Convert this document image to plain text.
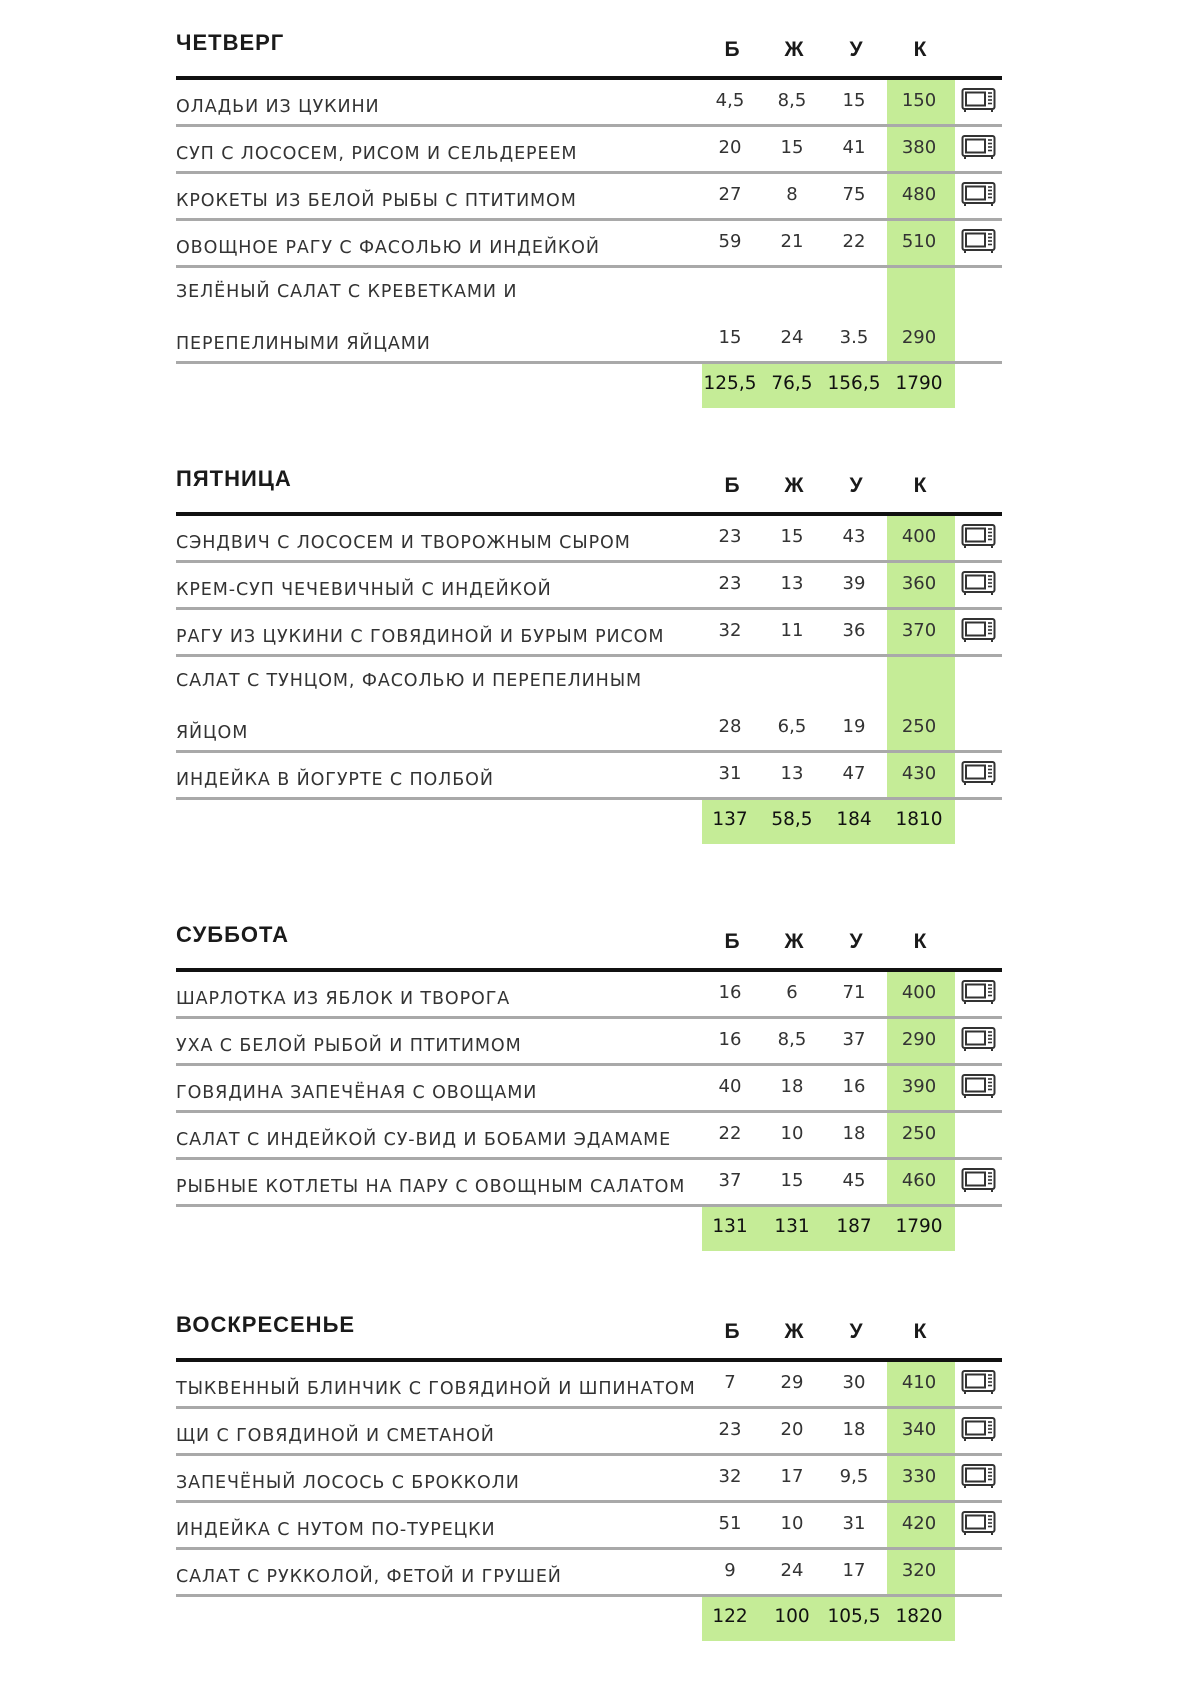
ЧЕТВЕРГ	Б	Ж	У	К
ОЛАДЬИ ИЗ ЦУКИНИ	4,5	8,5	15	150
СУП С ЛОСОСЕМ, РИСОМ И СЕЛЬДЕРЕЕМ	20	15	41	380
КРОКЕТЫ ИЗ БЕЛОЙ РЫБЫ С ПТИТИМОМ	27	8	75	480
ОВОЩНОЕ РАГУ С ФАСОЛЬЮ И ИНДЕЙКОЙ	59	21	22	510
ЗЕЛЁНЫЙ САЛАТ С КРЕВЕТКАМИ И
ПЕРЕПЕЛИНЫМИ ЯЙЦАМИ	15	24	3.5	290
125,5 76,5 156,5 1790
ПЯТНИЦА	Б	Ж	У	К
СЭНДВИЧ С ЛОСОСЕМ И ТВОРОЖНЫМ СЫРОМ	23	15	43	400
КРЕМ-СУП ЧЕЧЕВИЧНЫЙ С ИНДЕЙКОЙ	23	13	39	360
РАГУ ИЗ ЦУКИНИ С ГОВЯДИНОЙ И БУРЫМ РИСОМ	32	11	36	370
САЛАТ С ТУНЦОМ, ФАСОЛЬЮ И ПЕРЕПЕЛИНЫМ
ЯЙЦОМ	28	6,5	19	250
ИНДЕЙКА В ЙОГУРТЕ С ПОЛБОЙ	31	13	47	430
137	58,5	184	1810
СУББОТА	Б	Ж	У	К
ШАРЛОТКА ИЗ ЯБЛОК И ТВОРОГА	16	6	71	400
УХА С БЕЛОЙ РЫБОЙ И ПТИТИМОМ	16	8,5	37	290
ГОВЯДИНА ЗАПЕЧЁНАЯ С ОВОЩАМИ	40	18	16	390
САЛАТ С ИНДЕЙКОЙ СУ-ВИД И БОБАМИ ЭДАМАМЕ	22	10	18	250
РЫБНЫЕ КОТЛЕТЫ НА ПАРУ С ОВОЩНЫМ САЛАТОМ	37	15	45	460
131	131	187	1790
ВОСКРЕСЕНЬЕ	Б	Ж	У	К
ТЫКВЕННЫЙ БЛИНЧИК С ГОВЯДИНОЙ И ШПИНАТОМ	7	29	30	410
ЩИ С ГОВЯДИНОЙ И СМЕТАНОЙ	23	20	18	340
ЗАПЕЧЁНЫЙ ЛОСОСЬ С БРОККОЛИ	32	17	9,5	330
ИНДЕЙКА С НУТОМ ПО-ТУРЕЦКИ	51	10	31	420
САЛАТ С РУККОЛОЙ, ФЕТОЙ И ГРУШЕЙ	9	24	17	320
122	100 105,5 1820
